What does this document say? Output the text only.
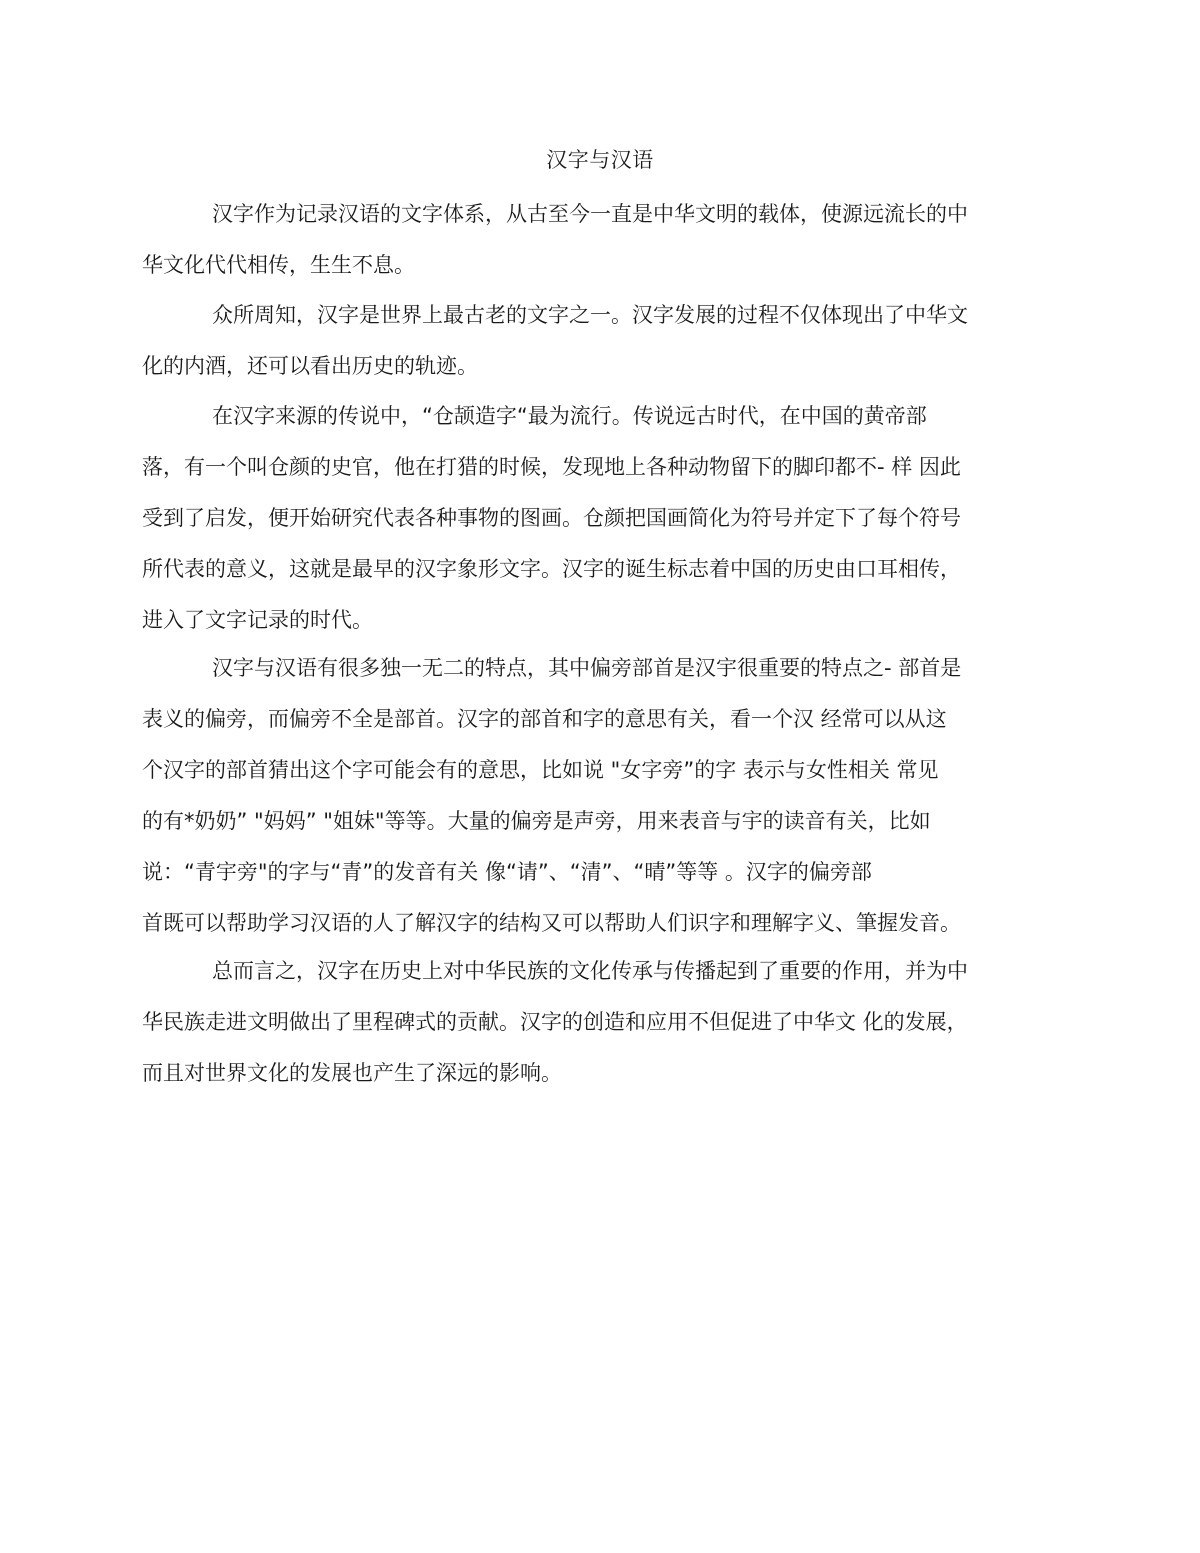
汉字与汉语
汉字作为记录汉语的文字体系，从古至今一直是中华文明的载体，使源远流长的中
华文化代代相传，生生不息。
众所周知，汉字是世界上最古老的文字之一。汉字发展的过程不仅体现出了中华文
化的内酒，还可以看出历史的轨迹。
在汉字来源的传说中，“仓颉造字“最为流行。传说远古时代，在中国的黄帝部
落，有一个叫仓颜的史官，他在打猎的时候，发现地上各种动物留下的脚印都不- 样 因此
受到了启发，便开始研究代表各种事物的图画。仓颜把国画简化为符号并定下了每个符号
所代表的意义，这就是最早的汉字象形文字。汉字的诞生标志着中国的历史由口耳相传，
进入了文字记录的时代。
汉字与汉语有很多独一无二的特点，其中偏旁部首是汉宇很重要的特点之- 部首是
表义的偏旁，而偏旁不全是部首。汉字的部首和字的意思有关，看一个汉 经常可以从这
个汉字的部首猜出这个字可能会有的意思，比如说 "女字旁”的字 表示与女性相关 常见
的有*奶奶” "妈妈” "姐妹"等等。大量的偏旁是声旁，用来表音与宇的读音有关，比如
说：“青宇旁"的字与“青”的发音有关 像“请”、“清”、“晴”等等 。汉字的偏旁部
首既可以帮助学习汉语的人了解汉字的结构又可以帮助人们识字和理解字义、筆握发音。
总而言之，汉字在历史上对中华民族的文化传承与传播起到了重要的作用，并为中
华民族走进文明做出了里程碑式的贡献。汉字的创造和应用不但促进了中华文 化的发展，
而且对世界文化的发展也产生了深远的影响。
